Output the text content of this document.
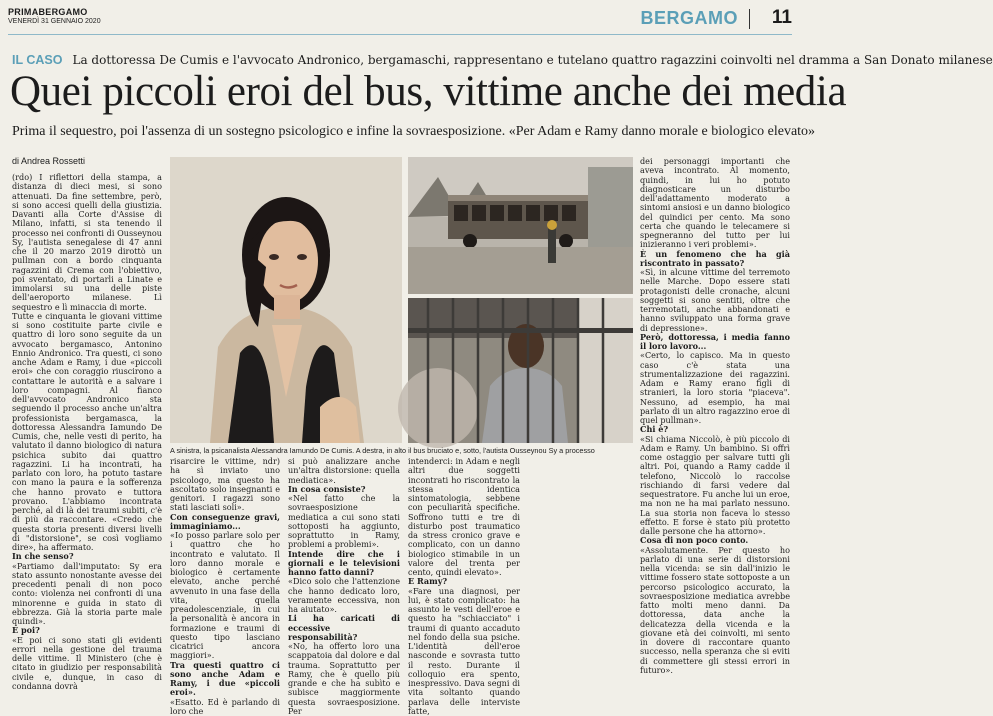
PRIMABERGAMO
VENERDÌ 31 GENNAIO 2020	BERGAMO 11
IL CASO La dottoressa De Cumis e l'avvocato Andronico, bergamaschi, rappresentano e tutelano quattro ragazzini coinvolti nel dramma a San Donato milanese
Quei piccoli eroi del bus, vittime anche dei media
Prima il sequestro, poi l'assenza di un sostegno psicologico e infine la sovraesposizione. «Per Adam e Ramy danno morale e biologico elevato»
di Andrea Rossetti

(rdo) I riflettori della stampa, a distanza di dieci mesi, si sono attenuati. Da fine settembre, però, si sono accesi quelli della giustizia. Davanti alla Corte d'Assise di Milano, infatti, si sta tenendo il processo nei confronti di Ousseynou Sy, l'autista senegalese di 47 anni che il 20 marzo 2019 dirottò un pullman con a bordo cinquanta ragazzini di Crema con l'obiettivo, poi sventato, di portarli a Linate e immolarsi su una delle piste dell'aeroporto milanese. Lì sequestro e lì minaccia di morte.

Tutte e cinquanta le giovani vittime si sono costituite parte civile e quattro di loro sono seguite da un avvocato bergamasco, Antonino Ennio Andronico. Tra questi, ci sono anche Adam e Ramy, i due «piccoli eroi» che con coraggio riuscirono a contattare le autorità e a salvare i loro compagni. Al fianco dell'avvocato Andronico sta seguendo il processo anche un'altra professionista bergamasca, la dottoressa Alessandra Iamundo De Cumis, che, nelle vesti di perito, ha valutato il danno biologico di natura psichica subito dai quattro ragazzini. Li ha incontrati, ha parlato con loro, ha potuto tastare con mano la paura e la sofferenza che hanno provato e tuttora provano. L'abbiamo incontrata perché, al di là dei traumi subiti, c'è di più da raccontare. «Credo che questa storia presenti diversi livelli di "distorsione", se così vogliamo dire», ha affermato.

In che senso?

«Partiamo dall'imputato: Sy era stato assunto nonostante avesse dei precedenti penali di non poco conto: violenza nei confronti di una minorenne e guida in stato di ebbrezza. Già la storia parte male quindi».

E poi?

«E poi ci sono stati gli evidenti errori nella gestione del trauma delle vittime. Il Ministero (che è citato in giudizio per responsabilità civile e, dunque, in caso di condanna dovrà

A sinistra, la psicanalista Alessandra Iamundo De Cumis. A destra, in alto il bus bruciato e, sotto, l'autista Ousseynou Sy a processo

risarcire le vittime, ndr) ha sì inviato uno psicologo, ma questo ha ascoltato solo insegnanti e genitori. I ragazzi sono stati lasciati soli».

Con conseguenze gravi, immaginiamo...

«Io posso parlare solo per i quattro che ho incontrato e valutato. Il loro danno morale e biologico è certamente elevato, anche perché avvenuto in una fase della vita, quella preadolescenziale, in cui la personalità è ancora in formazione e traumi di questo tipo lasciano cicatrici ancora maggiori».

Tra questi quattro ci sono anche Adam e Ramy, i due «piccoli eroi».

«Esatto. Ed è parlando di loro che

si può analizzare anche un'altra distorsione: quella mediatica».

In cosa consiste?

«Nel fatto che la sovraesposizione mediatica a cui sono stati sottoposti ha aggiunto, soprattutto in Ramy, problemi a problemi».

Intende dire che i giornali e le televisioni hanno fatto danni?

«Dico solo che l'attenzione che hanno dedicato loro, veramente eccessiva, non ha aiutato».

Li ha caricati di eccessive responsabilità?

«No, ha offerto loro una scappatoia dal dolore e dal trauma. Soprattutto per Ramy, che è quello più grande e che ha subìto e subisce maggiormente questa sovraesposizione. Per

intenderci: in Adam e negli altri due soggetti incontrati ho riscontrato la stessa identica sintomatologia, sebbene con peculiarità specifiche. Soffrono tutti e tre di disturbo post traumatico da stress cronico grave e complicato, con un danno biologico stimabile in un valore del trenta per cento, quindi elevato».

E Ramy?

«Fare una diagnosi, per lui, è stato complicato: ha assunto le vesti dell'eroe e questo ha "schiacciato" i traumi di quanto accaduto nel fondo della sua psiche. L'identità dell'eroe nasconde e sovrasta tutto il resto. Durante il colloquio era spento, inespressivo. Dava segni di vita soltanto quando parlava delle interviste fatte,

dei personaggi importanti che aveva incontrato. Al momento, quindi, in lui ho potuto diagnosticare un disturbo dell'adattamento moderato a sintomi ansiosi e un danno biologico del quindici per cento. Ma sono certa che quando le telecamere si spegneranno del tutto per lui inizieranno i veri problemi».

È un fenomeno che ha già riscontrato in passato?

«Sì, in alcune vittime del terremoto nelle Marche. Dopo essere stati protagonisti delle cronache, alcuni soggetti si sono sentiti, oltre che terremotati, anche abbandonati e hanno sviluppato una forma grave di depressione».

Però, dottoressa, i media fanno il loro lavoro...

«Certo, lo capisco. Ma in questo caso c'è stata una strumentalizzazione dei ragazzini. Adam e Ramy erano figli di stranieri, la loro storia "piaceva". Nessuno, ad esempio, ha mai parlato di un altro ragazzino eroe di quel pullman».

Chi è?

«Si chiama Niccolò, è più piccolo di Adam e Ramy. Un bambino. Si offrì come ostaggio per salvare tutti gli altri. Poi, quando a Ramy cadde il telefono, Niccolò lo raccolse rischiando di farsi vedere dal sequestratore. Fu anche lui un eroe, ma non ne ha mai parlato nessuno. La sua storia non faceva lo stesso effetto. E forse è stato più protetto dalle persone che ha attorno».

Cosa di non poco conto.

«Assolutamente. Per questo ho parlato di una serie di distorsioni nella vicenda: se sin dall'inizio le vittime fossero state sottoposte a un percorso psicologico accurato, la sovraesposizione mediatica avrebbe fatto molti meno danni. Da dottoressa, data anche la delicatezza della vicenda e la giovane età dei coinvolti, mi sento in dovere di raccontare quanto successo, nella speranza che si eviti di commettere gli stessi errori in futuro».
